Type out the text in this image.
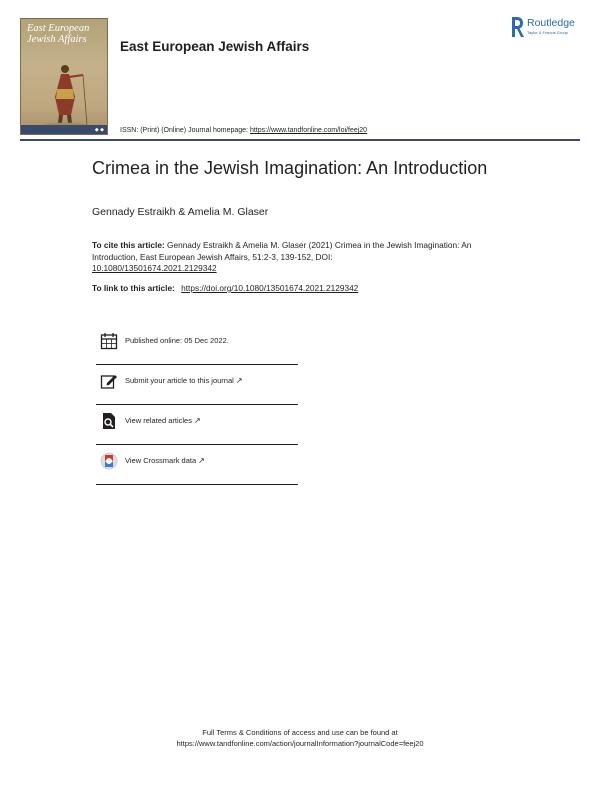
East European Jewish Affairs
◆ ◆
East European Jewish Affairs
ISSN: (Print) (Online) Journal homepage: https://www.tandfonline.com/loi/feej20
Routledge
Taylor & Francis Group
Crimea in the Jewish Imagination: An Introduction
Gennady Estraikh & Amelia M. Glaser
To cite this article: Gennady Estraikh & Amelia M. Glaser (2021) Crimea in the Jewish Imagination: An Introduction, East European Jewish Affairs, 51:2-3, 139-152, DOI:
10.1080/13501674.2021.2129342
To link to this article: https://doi.org/10.1080/13501674.2021.2129342
Published online: 05 Dec 2022.
Submit your article to this journal ↗
View related articles ↗
View Crossmark data ↗
Full Terms & Conditions of access and use can be found at
https://www.tandfonline.com/action/journalInformation?journalCode=feej20
